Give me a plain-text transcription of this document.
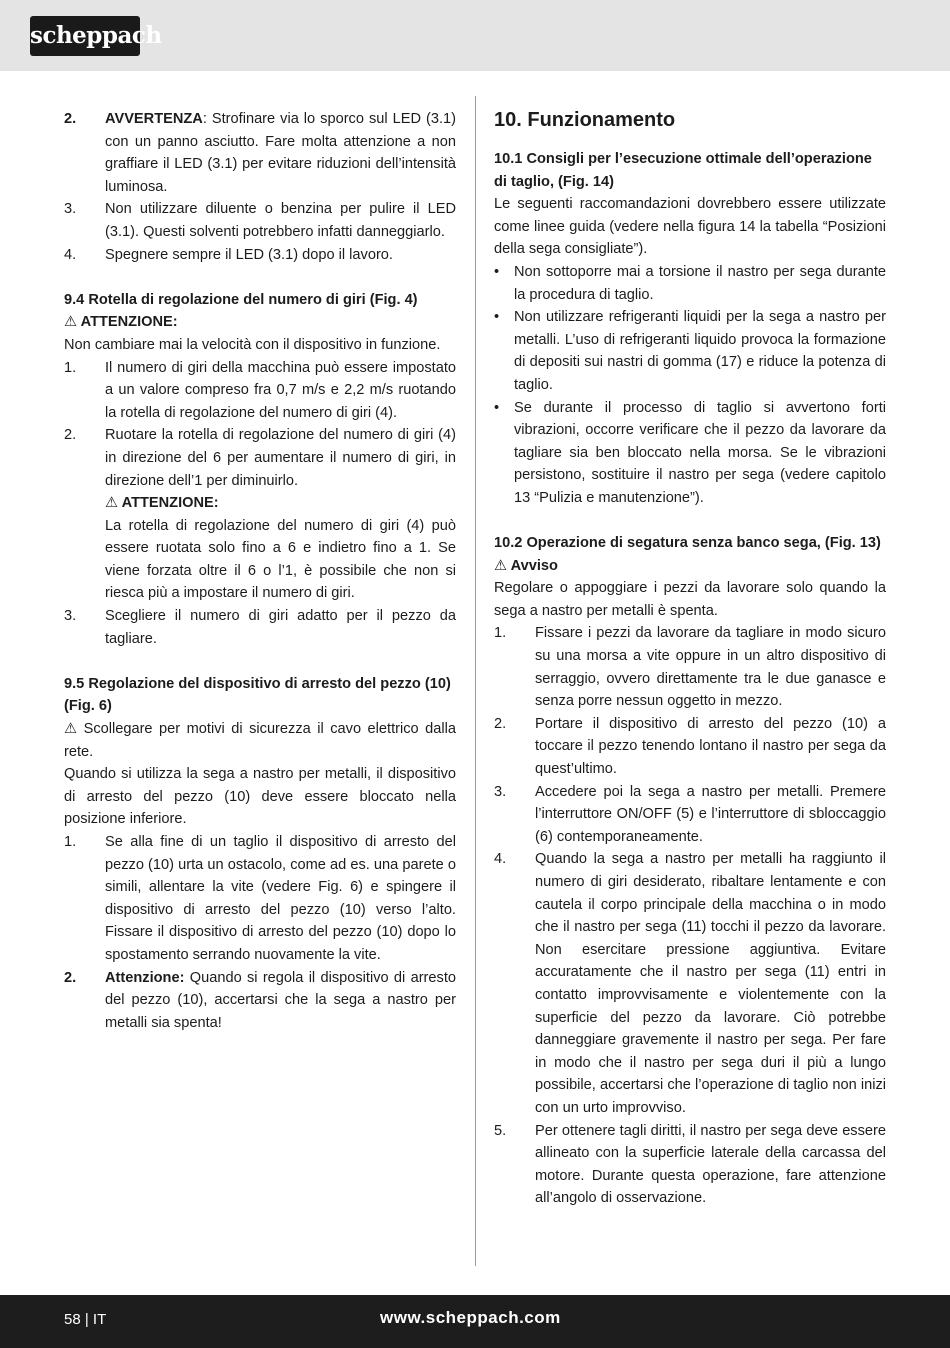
scheppach
2.	AVVERTENZA: Strofinare via lo sporco sul LED (3.1) con un panno asciutto. Fare molta attenzione a non graffiare il LED (3.1) per evitare riduzioni dell’intensità luminosa.
3.	Non utilizzare diluente o benzina per pulire il LED (3.1). Questi solventi potrebbero infatti danneggiarlo.
4.	Spegnere sempre il LED (3.1) dopo il lavoro.

9.4 Rotella di regolazione del numero di giri (Fig. 4)

⚠ ATTENZIONE:

Non cambiare mai la velocità con il dispositivo in funzione.

1.	Il numero di giri della macchina può essere impostato a un valore compreso fra 0,7 m/s e 2,2 m/s ruotando la rotella di regolazione del numero di giri (4).
2.	Ruotare la rotella di regolazione del numero di giri (4) in direzione del 6 per aumentare il numero di giri, in direzione dell’1 per diminuirlo.
⚠ ATTENZIONE:
La rotella di regolazione del numero di giri (4) può essere ruotata solo fino a 6 e indietro fino a 1. Se viene forzata oltre il 6 o l’1, è possibile che non si riesca più a impostare il numero di giri.
3.	Scegliere il numero di giri adatto per il pezzo da tagliare.

9.5 Regolazione del dispositivo di arresto del pezzo (10) (Fig. 6)

⚠ Scollegare per motivi di sicurezza il cavo elettrico dalla rete.

Quando si utilizza la sega a nastro per metalli, il dispositivo di arresto del pezzo (10) deve essere bloccato nella posizione inferiore.

1.	Se alla fine di un taglio il dispositivo di arresto del pezzo (10) urta un ostacolo, come ad es. una parete o simili, allentare la vite (vedere Fig. 6) e spingere il dispositivo di arresto del pezzo (10) verso l’alto. Fissare il dispositivo di arresto del pezzo (10) dopo lo spostamento serrando nuovamente la vite.
2.	Attenzione: Quando si regola il dispositivo di arresto del pezzo (10), accertarsi che la sega a nastro per metalli sia spenta!

10. Funzionamento

10.1 Consigli per l’esecuzione ottimale dell’operazione di taglio, (Fig. 14)

Le seguenti raccomandazioni dovrebbero essere utilizzate come linee guida (vedere nella figura 14 la tabella “Posizioni della sega consigliate”).

•	Non sottoporre mai a torsione il nastro per sega durante la procedura di taglio.
•	Non utilizzare refrigeranti liquidi per la sega a nastro per metalli. L’uso di refrigeranti liquido provoca la formazione di depositi sui nastri di gomma (17) e riduce la potenza di taglio.
•	Se durante il processo di taglio si avvertono forti vibrazioni, occorre verificare che il pezzo da lavorare da tagliare sia ben bloccato nella morsa. Se le vibrazioni persistono, sostituire il nastro per sega (vedere capitolo 13 “Pulizia e manutenzione”).

10.2 Operazione di segatura senza banco sega, (Fig. 13)

⚠ Avviso

Regolare o appoggiare i pezzi da lavorare solo quando la sega a nastro per metalli è spenta.

1.	Fissare i pezzi da lavorare da tagliare in modo sicuro su una morsa a vite oppure in un altro dispositivo di serraggio, ovvero direttamente tra le due ganasce e senza porre nessun oggetto in mezzo.
2.	Portare il dispositivo di arresto del pezzo (10) a toccare il pezzo tenendo lontano il nastro per sega da quest’ultimo.
3.	Accedere poi la sega a nastro per metalli. Premere l’interruttore ON/OFF (5) e l’interruttore di sbloccaggio (6) contemporaneamente.
4.	Quando la sega a nastro per metalli ha raggiunto il numero di giri desiderato, ribaltare lentamente e con cautela il corpo principale della macchina o in modo che il nastro per sega (11) tocchi il pezzo da lavorare. Non esercitare pressione aggiuntiva. Evitare accuratamente che il nastro per sega (11) entri in contatto improvvisamente e violentemente con la superficie del pezzo da lavorare. Ciò potrebbe danneggiare gravemente il nastro per sega. Per fare in modo che il nastro per sega duri il più a lungo possibile, accertarsi che l’operazione di taglio non inizi con un urto improvviso.
5.	Per ottenere tagli diritti, il nastro per sega deve essere allineato con la superficie laterale della carcassa del motore. Durante questa operazione, fare attenzione all’angolo di osservazione.
58 | IT	www.scheppach.com
